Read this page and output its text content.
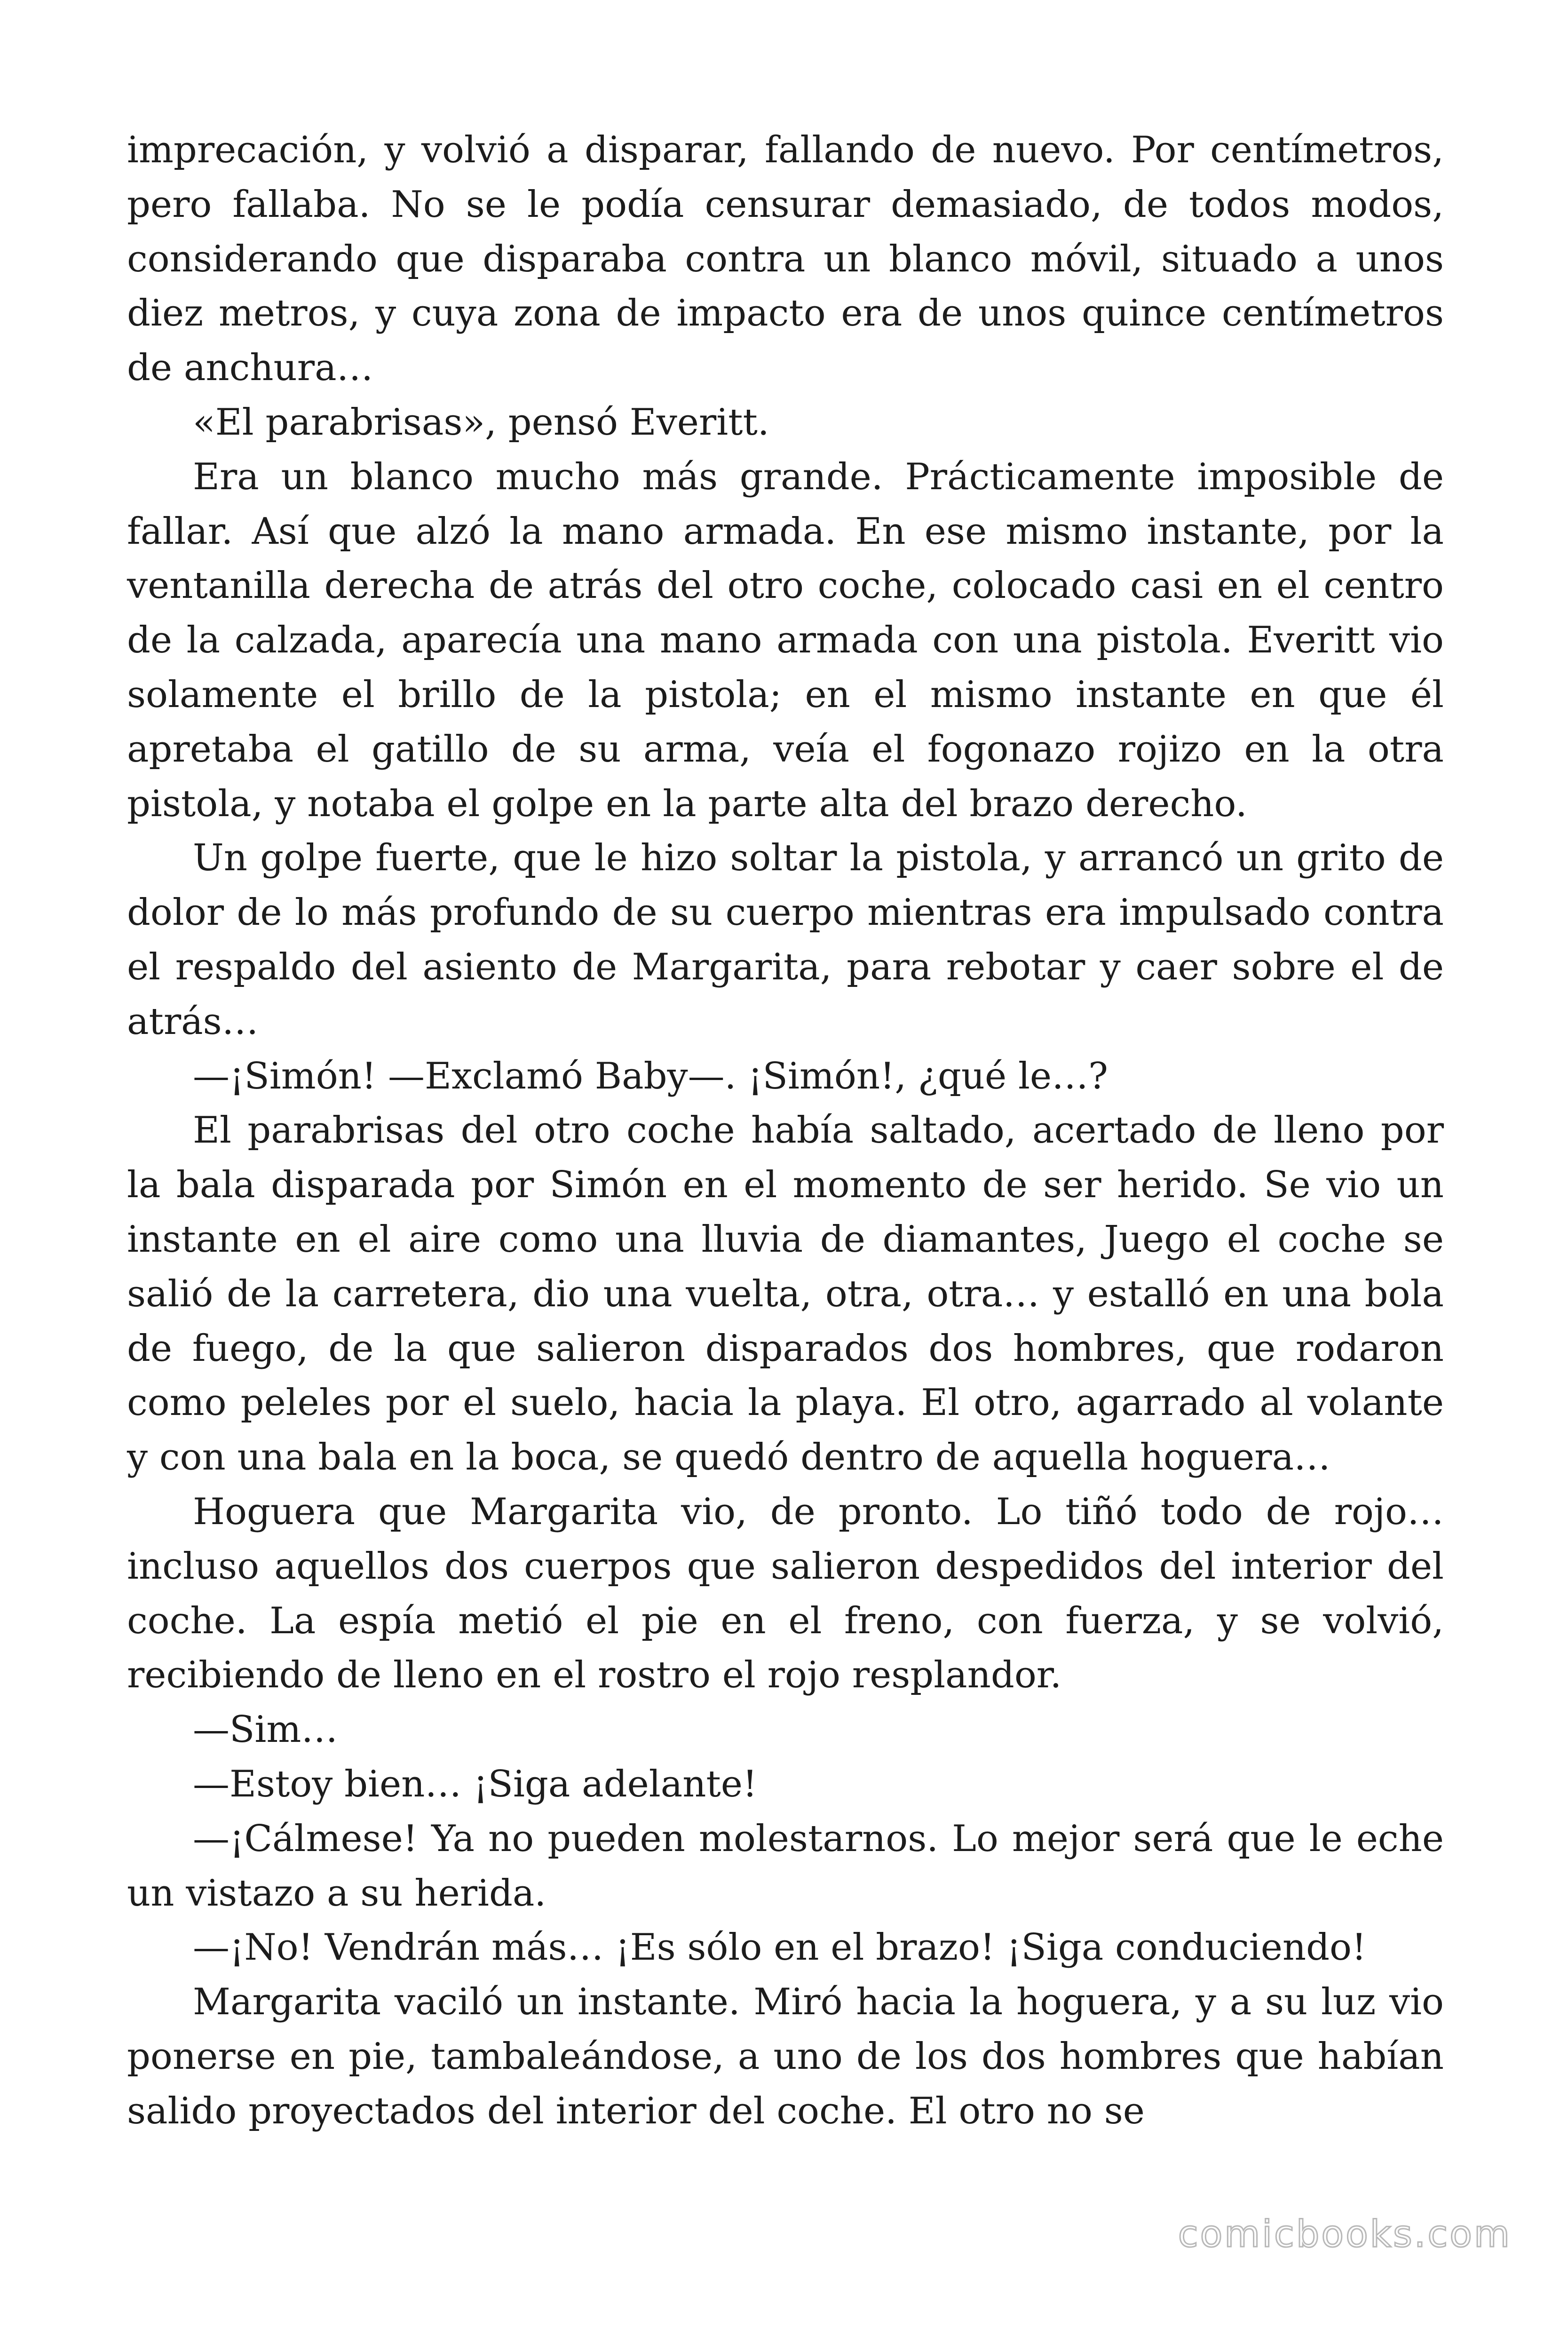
imprecación, y volvió a disparar, fallando de nuevo. Por centímetros, pero fallaba. No se le podía censurar demasiado, de todos modos, considerando que disparaba contra un blanco móvil, situado a unos diez metros, y cuya zona de impacto era de unos quince centímetros de anchura…

«El parabrisas», pensó Everitt.

Era un blanco mucho más grande. Prácticamente imposible de fallar. Así que alzó la mano armada. En ese mismo instante, por la ventanilla derecha de atrás del otro coche, colocado casi en el centro de la calzada, aparecía una mano armada con una pistola. Everitt vio solamente el brillo de la pistola; en el mismo instante en que él apretaba el gatillo de su arma, veía el fogonazo rojizo en la otra pistola, y notaba el golpe en la parte alta del brazo derecho.

Un golpe fuerte, que le hizo soltar la pistola, y arrancó un grito de dolor de lo más profundo de su cuerpo mientras era impulsado contra el respaldo del asiento de Margarita, para rebotar y caer sobre el de atrás…

—¡Simón! —Exclamó Baby—. ¡Simón!, ¿qué le…?

El parabrisas del otro coche había saltado, acertado de lleno por la bala disparada por Simón en el momento de ser herido. Se vio un instante en el aire como una lluvia de diamantes, Juego el coche se salió de la carretera, dio una vuelta, otra, otra… y estalló en una bola de fuego, de la que salieron disparados dos hombres, que rodaron como peleles por el suelo, hacia la playa. El otro, agarrado al volante y con una bala en la boca, se quedó dentro de aquella hoguera…

Hoguera que Margarita vio, de pronto. Lo tiñó todo de rojo… incluso aquellos dos cuerpos que salieron despedidos del interior del coche. La espía metió el pie en el freno, con fuerza, y se volvió, recibiendo de lleno en el rostro el rojo resplandor.

—Sim…

—Estoy bien… ¡Siga adelante!

—¡Cálmese! Ya no pueden molestarnos. Lo mejor será que le eche un vistazo a su herida.

—¡No! Vendrán más… ¡Es sólo en el brazo! ¡Siga conduciendo!

Margarita vaciló un instante. Miró hacia la hoguera, y a su luz vio ponerse en pie, tambaleándose, a uno de los dos hombres que habían salido proyectados del interior del coche. El otro no se

comicbooks.com
